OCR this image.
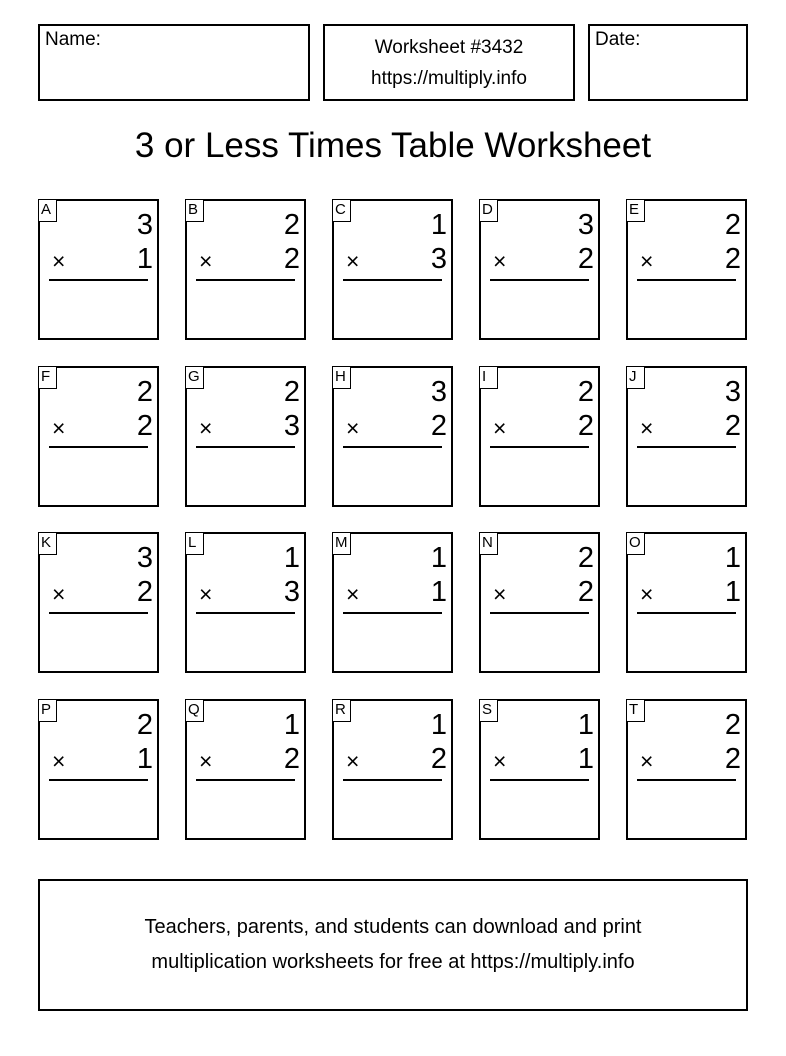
Name:	Worksheet #3432
https://multiply.info
Date:
3 or Less Times Table Worksheet
A	3
× 1
B	2
× 2
C	1
× 3
D	3
× 2
E	2
× 2
F	2
× 2
G	2
× 3
H	3
× 2
I	2
× 2
J	3
× 2
K	3
× 2
L	1
× 3
M	1
× 1
N	2
× 2
O	1
× 1
P	2
× 1
Q	1
× 2
R	1
× 2
S	1
× 1
T	2
× 2
Teachers, parents, and students can download and print
multiplication worksheets for free at https://multiply.info
